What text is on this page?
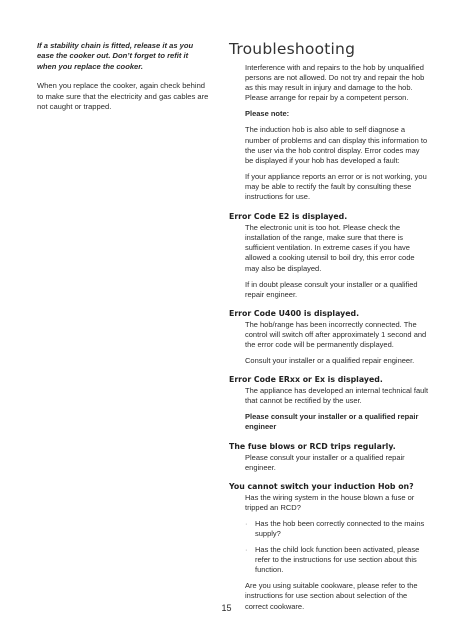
If a stability chain is fitted, release it as you ease the cooker out. Don’t forget to refit it when you replace the cooker.

When you replace the cooker, again check behind to make sure that the electricity and gas cables are not caught or trapped.

Troubleshooting

Interference with and repairs to the hob by unqualified persons are not allowed. Do not try and repair the hob as this may result in injury and damage to the hob. Please arrange for repair by a competent person.

Please note:

The induction hob is also able to self diagnose a number of problems and can display this information to the user via the hob control display. Error codes may be displayed if your hob has developed a fault:

If your appliance reports an error or is not working, you may be able to rectify the fault by consulting these instructions for use.

Error Code E2 is displayed.

The electronic unit is too hot. Please check the installation of the range, make sure that there is sufficient ventilation. In extreme cases if you have allowed a cooking utensil to boil dry, this error code may also be displayed.

If in doubt please consult your installer or a qualified repair engineer.

Error Code U400 is displayed.

The hob/range has been incorrectly connected. The control will switch off after approximately 1 second and the error code will be permanently displayed.

Consult your installer or a qualified repair engineer.

Error Code ERxx or Ex is displayed.

The appliance has developed an internal technical fault that cannot be rectified by the user.

Please consult your installer or a qualified repair engineer

The fuse blows or RCD trips regularly.

Please consult your installer or a qualified repair engineer.

You cannot switch your induction Hob on?

Has the wiring system in the house blown a fuse or tripped an RCD?

·	Has the hob been correctly connected to the mains supply?

·	Has the child lock function been activated, please refer to the instructions for use section about this function.

Are you using suitable cookware, please refer to the instructions for use section about selection of the correct cookware.

15
